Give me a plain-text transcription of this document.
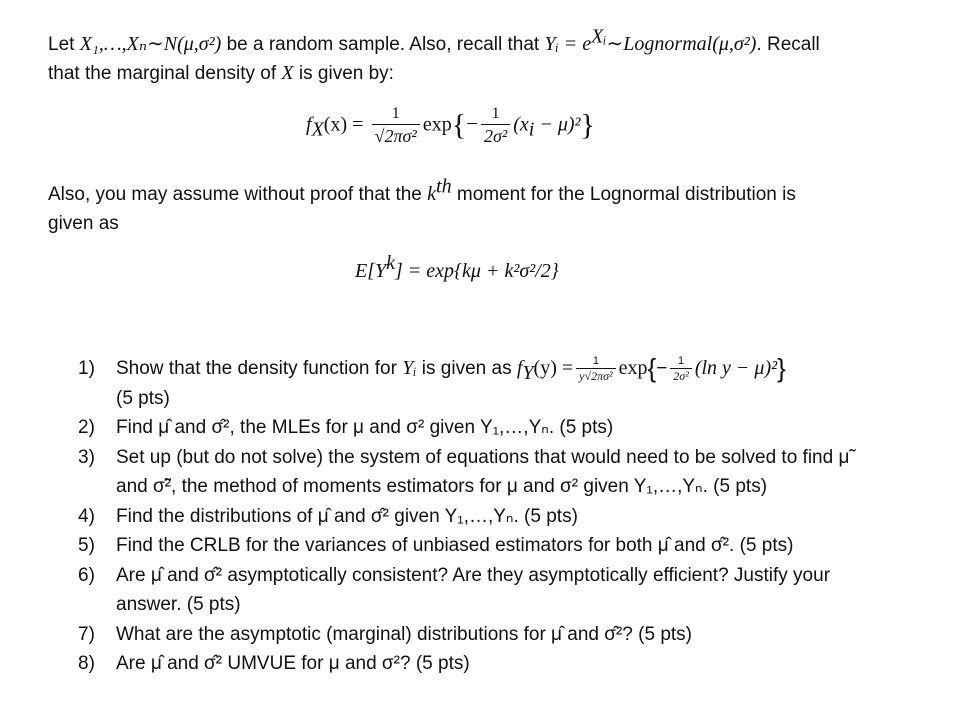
Let X₁,…,Xₙ∼N(μ,σ²) be a random sample. Also, recall that Yᵢ = $e^{Xᵢ}\sim Lognormal(\mu,\sigma^2)$. Recall
that the marginal density of X is given by:
$f_X(x) = \frac{1}{\text{√2πσ²}} \exp\{- \frac{1}{\text{2σ²}} (x_i - \mu)^2\}$
Also, you may assume without proof that the $k^{th}$ moment for the Lognormal distribution is
given as
$E[Y^k] = \exp\{k\mu + k^2\sigma^2/2\}$
1) Show that the density function for Yᵢ is given as $f_Y(y) = \frac{1}{\text{y√2πσ²}} \exp\{- \frac{1}{\text{2σ²}} (\ln$ y − μ)²}
(5 pts)
2) Find μ̂ and σ̂², the MLEs for μ and σ² given Y₁,…,Yₙ. (5 pts)
3) Set up (but do not solve) the system of equations that would need to be solved to find μ̃
and σ̃², the method of moments estimators for μ and σ² given Y₁,…,Yₙ. (5 pts)
4) Find the distributions of μ̂ and σ̂² given Y₁,…,Yₙ. (5 pts)
5) Find the CRLB for the variances of unbiased estimators for both μ̂ and σ̂². (5 pts)
6) Are μ̂ and σ̂² asymptotically consistent? Are they asymptotically efficient? Justify your
answer. (5 pts)
7) What are the asymptotic (marginal) distributions for μ̂ and σ̂²? (5 pts)
8) Are μ̂ and σ̂² UMVUE for μ and σ²? (5 pts)
